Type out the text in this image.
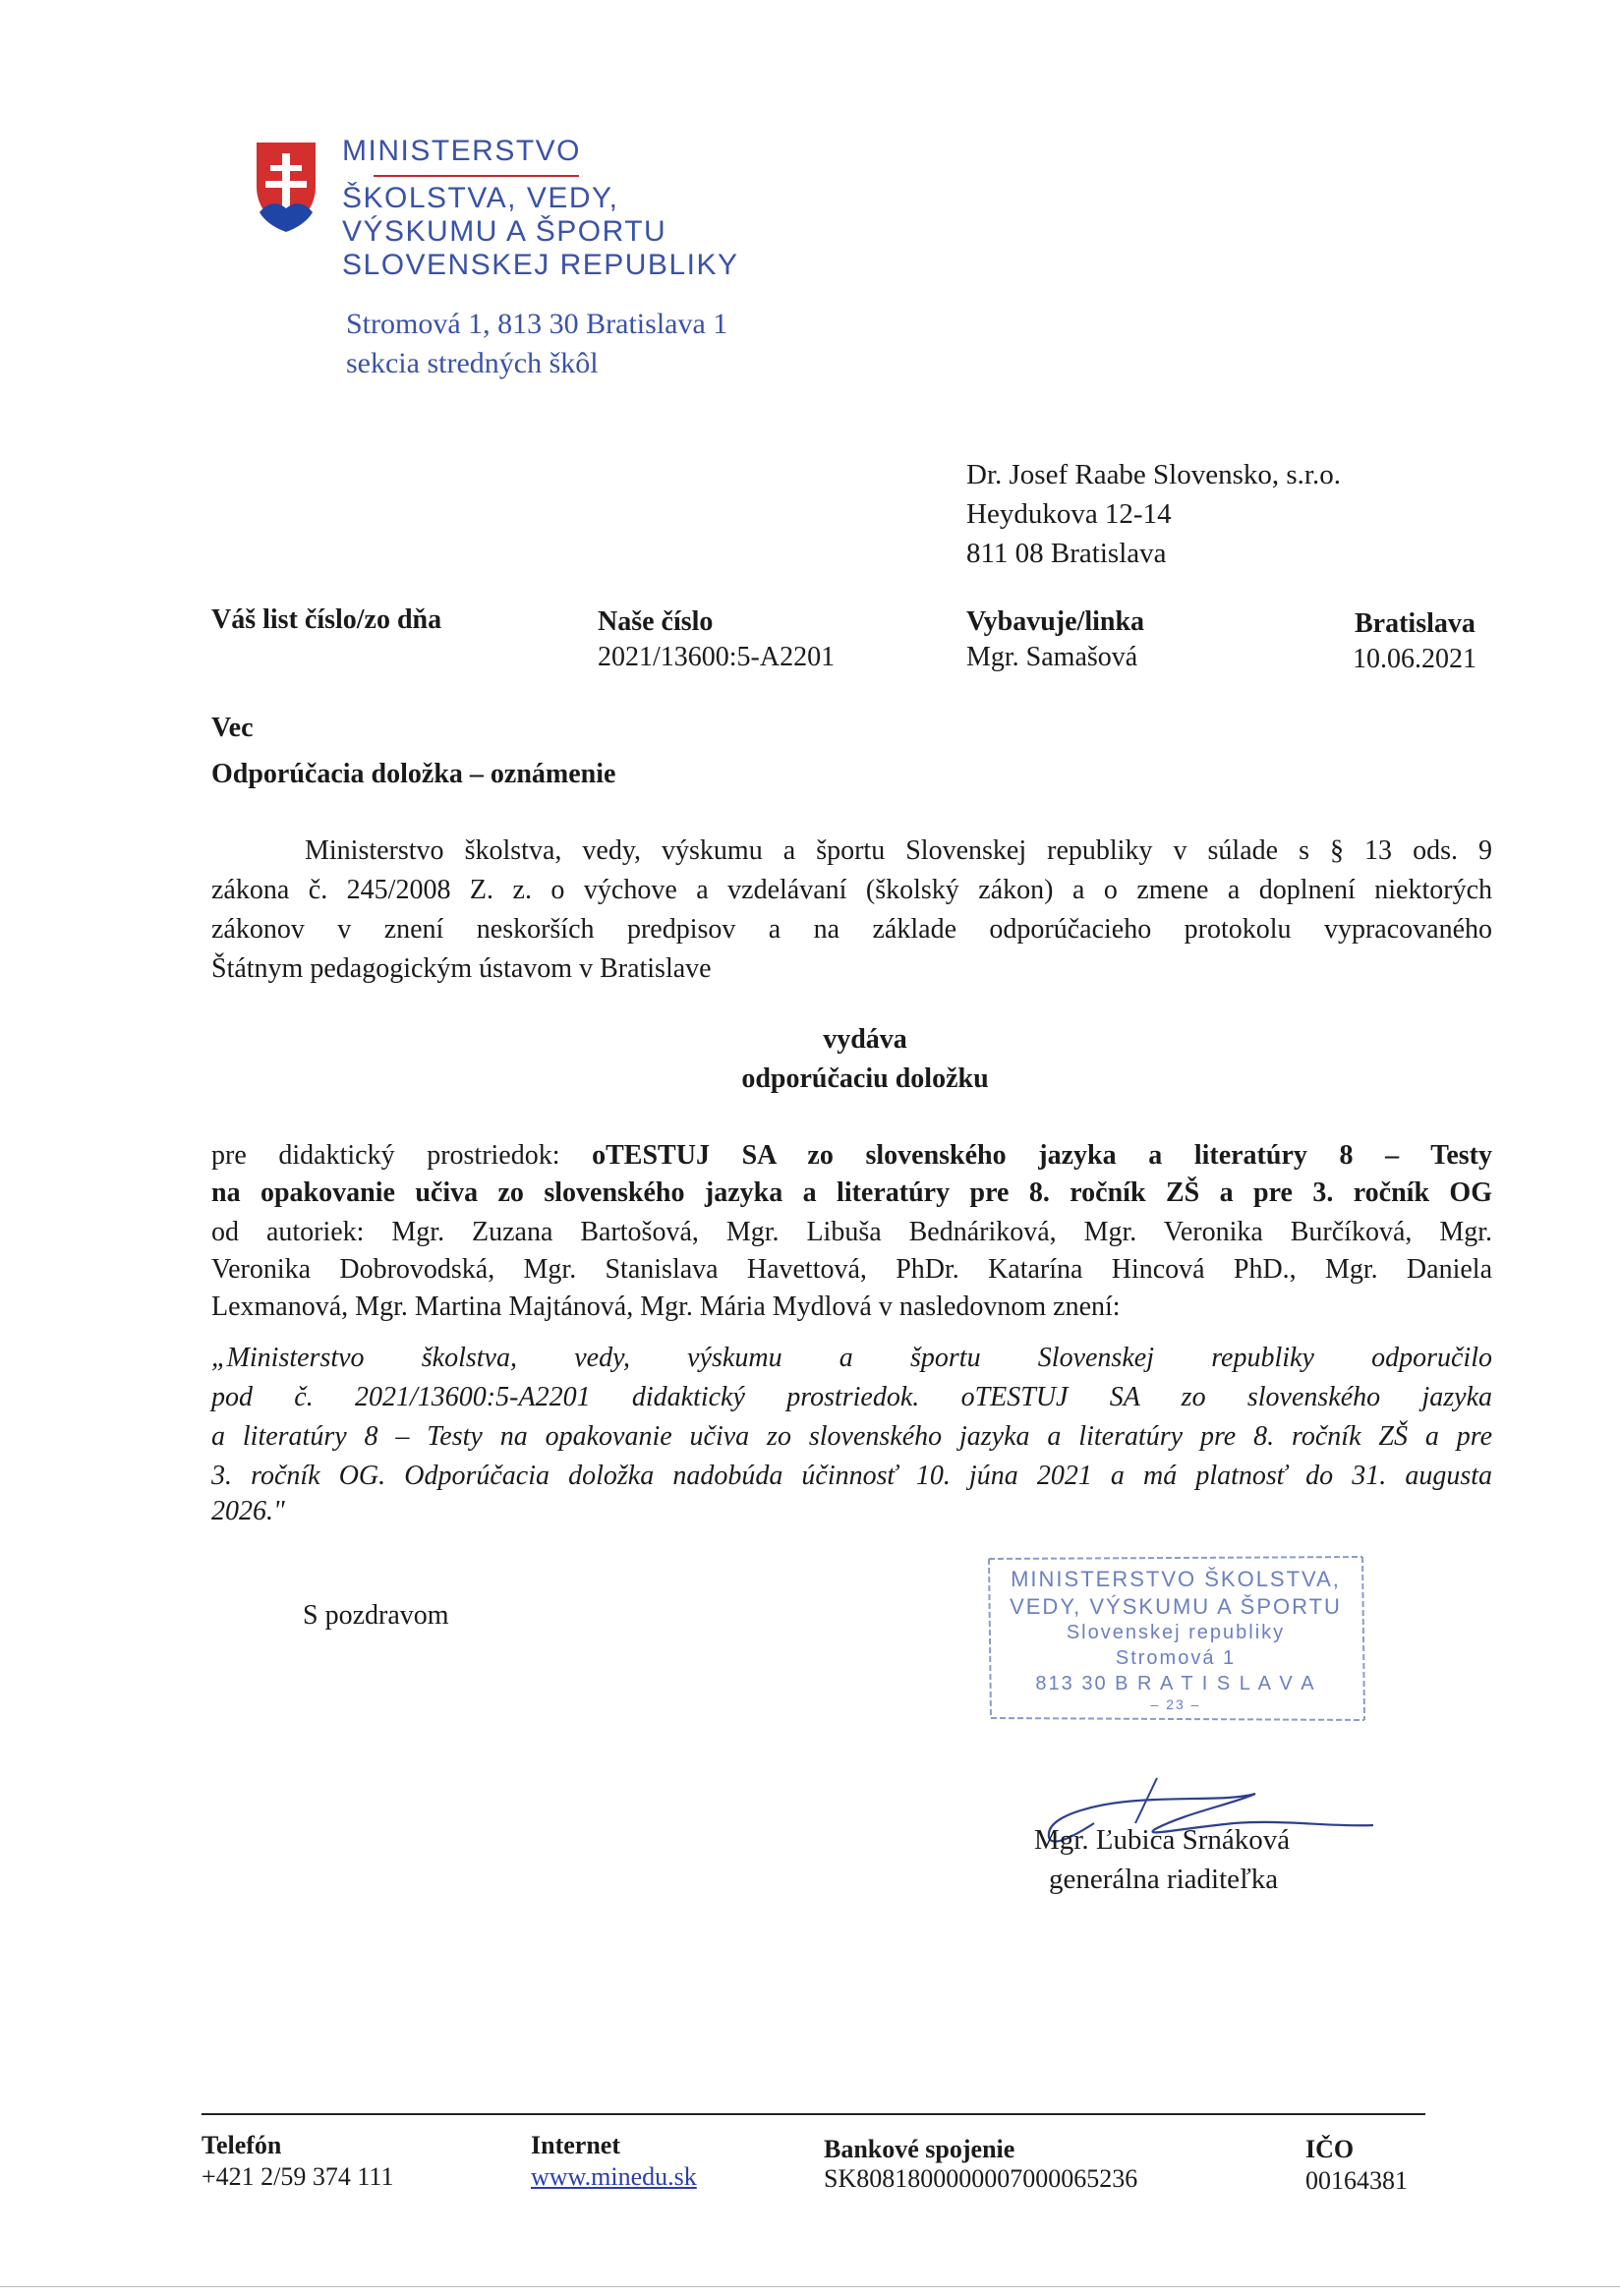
MINISTERSTVO
ŠKOLSTVA, VEDY,
VÝSKUMU A ŠPORTU
SLOVENSKEJ REPUBLIKY
Stromová 1, 813 30 Bratislava 1
sekcia stredných škôl
Dr. Josef Raabe Slovensko, s.r.o.
Heydukova 12-14
811 08 Bratislava
Váš list číslo/zo dňa	Naše číslo
2021/13600:5-A2201
Vybavuje/linka
Mgr. Samašová
Bratislava
10.06.2021
Vec
Odporúčacia doložka – oznámenie
Ministerstvo školstva, vedy, výskumu a športu Slovenskej republiky v súlade s § 13 ods. 9
zákona č. 245/2008 Z. z. o výchove a vzdelávaní (školský zákon) a o zmene a doplnení niektorých
zákonov v znení neskorších predpisov a na základe odporúčacieho protokolu vypracovaného
Štátnym pedagogickým ústavom v Bratislave
vydáva
odporúčaciu doložku
pre didaktický prostriedok: oTESTUJ SA zo slovenského jazyka a literatúry 8 – Testy
na opakovanie učiva zo slovenského jazyka a literatúry pre 8. ročník ZŠ a pre 3. ročník OG
od autoriek: Mgr. Zuzana Bartošová, Mgr. Libuša Bednáriková, Mgr. Veronika Burčíková, Mgr.
Veronika Dobrovodská, Mgr. Stanislava Havettová, PhDr. Katarína Hincová PhD., Mgr. Daniela
Lexmanová, Mgr. Martina Majtánová, Mgr. Mária Mydlová v nasledovnom znení:
„Ministerstvo školstva, vedy, výskumu a športu Slovenskej republiky odporučilo
pod č. 2021/13600:5-A2201 didaktický prostriedok. oTESTUJ SA zo slovenského jazyka
a literatúry 8 – Testy na opakovanie učiva zo slovenského jazyka a literatúry pre 8. ročník ZŠ a pre
3. ročník OG. Odporúčacia doložka nadobúda účinnosť 10. júna 2021 a má platnosť do 31. augusta
2026."
S pozdravom
MINISTERSTVO ŠKOLSTVA,
VEDY, VÝSKUMU A ŠPORTU
Slovenskej republiky
Stromová 1
813 30 B R A T I S L A V A
– 23 –
Mgr. Ľubica Srnáková
generálna riaditeľka
Telefón
+421 2/59 374 111
Internet
www.minedu.sk
Bankové spojenie
SK8081800000007000065236
IČO
00164381
